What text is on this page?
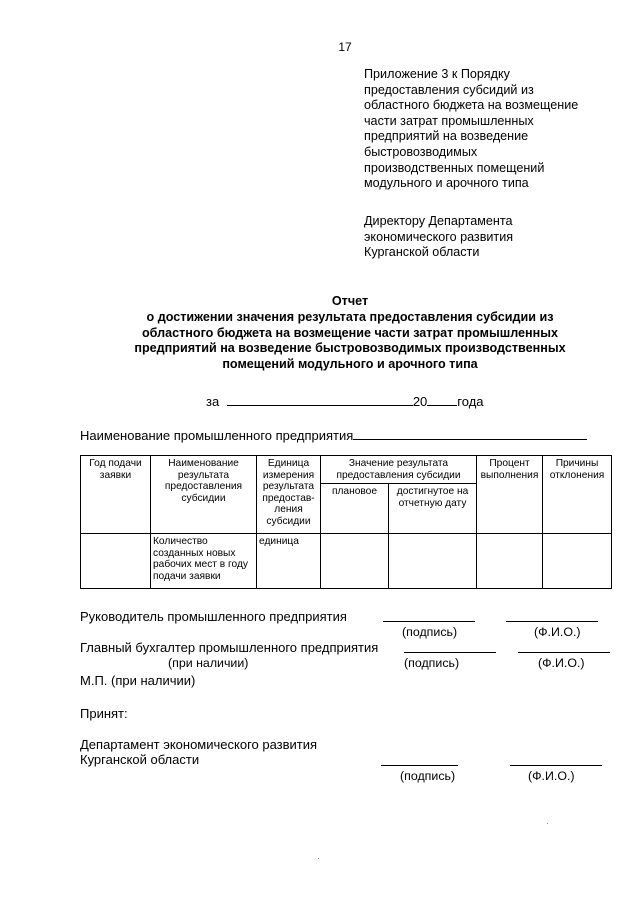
17
Приложение 3 к Порядку
предоставления субсидий из
областного бюджета на возмещение
части затрат промышленных
предприятий на возведение
быстровозводимых
производственных помещений
модульного и арочного типа
Директору Департамента
экономического развития
Курганской области
Отчет
о достижении значения результата предоставления субсидии из
областного бюджета на возмещение части затрат промышленных
предприятий на возведение быстровозводимых производственных
помещений модульного и арочного типа
за	20 года
Наименование промышленного предприятия
Год подачи заявки	Наименование результата предоставления субсидии	Единица измерения результата предостав-ления субсидии	Значение результата предоставления субсидии		Процент выполнения	Причины отклонения
			плановое	достигнутое на отчетную дату		
	Количество созданных новых рабочих мест в году подачи заявки	единица				
Руководитель промышленного предприятия
(подпись)	(Ф.И.О.)
Главный бухгалтер промышленного предприятия
(при наличии)	(подпись)	(Ф.И.О.)
М.П. (при наличии)
Принят:
Департамент экономического развития
Курганской области
(подпись)	(Ф.И.О.)
